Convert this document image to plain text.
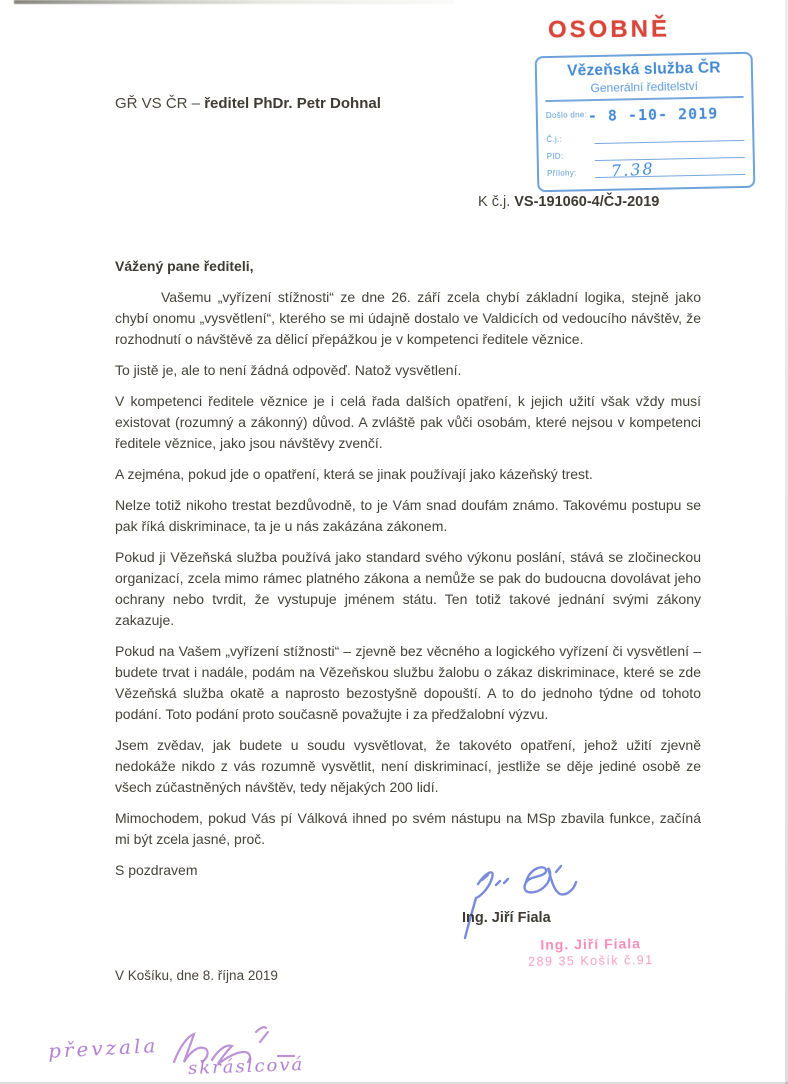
OSOBNĚ
GŘ VS ČR – ředitel PhDr. Petr Dohnal
Vězeňská služba ČR
Generální ředitelství
Došlo dne: - 8 -10- 2019
Č.j.:
PID:
Přílohy: 7.38
K č.j. VS-191060-4/ČJ-2019
Vážený pane řediteli,

Vašemu „vyřízení stížnosti“ ze dne 26. září zcela chybí základní logika, stejně jako chybí onomu „vysvětlení“, kterého se mi údajně dostalo ve Valdicích od vedoucího návštěv, že rozhodnutí o návštěvě za dělicí přepážkou je v kompetenci ředitele věznice.

To jistě je, ale to není žádná odpověď. Natož vysvětlení.

V kompetenci ředitele věznice je i celá řada dalších opatření, k jejich užití však vždy musí existovat (rozumný a zákonný) důvod. A zvláště pak vůči osobám, které nejsou v kompetenci ředitele věznice, jako jsou návštěvy zvenčí.

A zejména, pokud jde o opatření, která se jinak používají jako kázeňský trest.

Nelze totiž nikoho trestat bezdůvodně, to je Vám snad doufám známo. Takovému postupu se pak říká diskriminace, ta je u nás zakázána zákonem.

Pokud ji Vězeňská služba používá jako standard svého výkonu poslání, stává se zločineckou organizací, zcela mimo rámec platného zákona a nemůže se pak do budoucna dovolávat jeho ochrany nebo tvrdit, že vystupuje jménem státu. Ten totiž takové jednání svými zákony zakazuje.

Pokud na Vašem „vyřízení stížnosti“ – zjevně bez věcného a logického vyřízení či vysvětlení – budete trvat i nadále, podám na Vězeňskou službu žalobu o zákaz diskriminace, které se zde Vězeňská služba okatě a naprosto bezostyšně dopouští. A to do jednoho týdne od tohoto podání. Toto podání proto současně považujte i za předžalobní výzvu.

Jsem zvědav, jak budete u soudu vysvětlovat, že takovéto opatření, jehož užití zjevně nedokáže nikdo z vás rozumně vysvětlit, není diskriminací, jestliže se děje jediné osobě ze všech zúčastněných návštěv, tedy nějakých 200 lidí.

Mimochodem, pokud Vás pí Válková ihned po svém nástupu na MSp zbavila funkce, začíná mi být zcela jasné, proč.

S pozdravem
Ing. Jiří Fiala
Ing. Jiří Fiala
289 35 Košík č.91
V Košíku, dne 8. října 2019
převzala
skráslcová
